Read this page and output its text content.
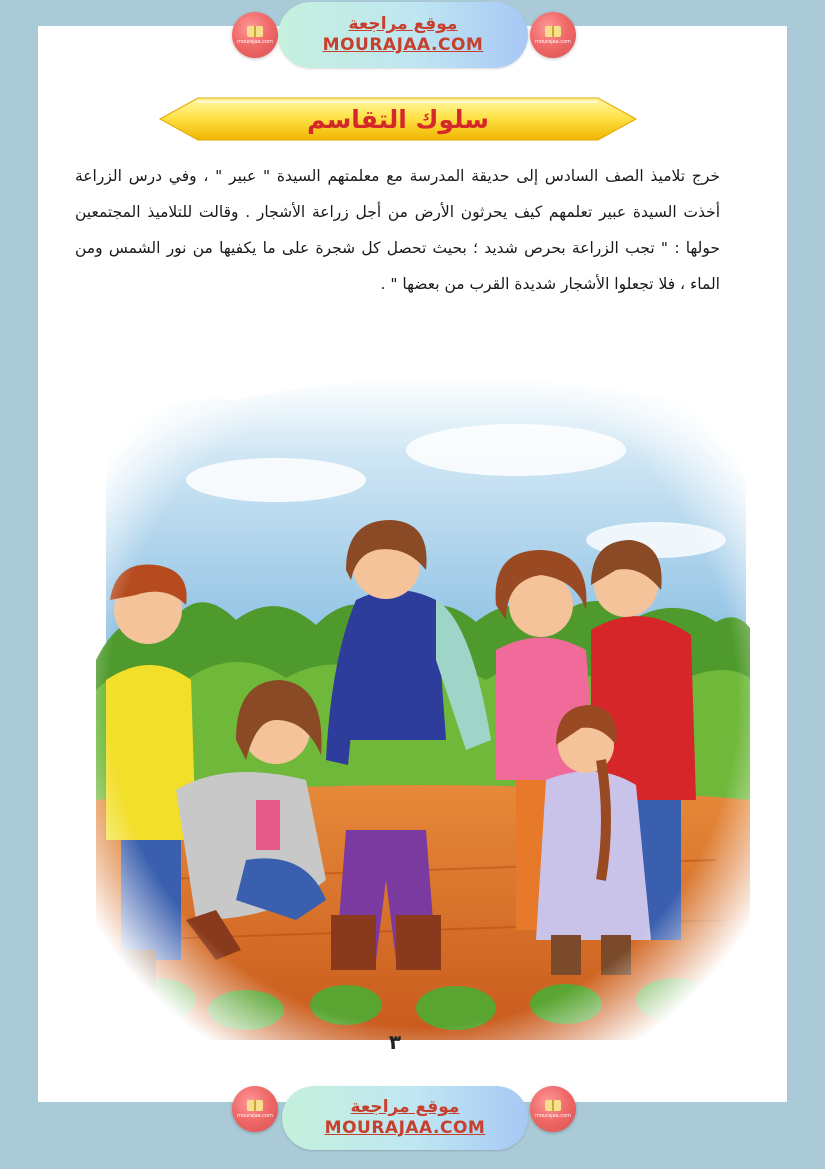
mourajaa.com
موقع مراجعة
MOURAJAA.COM	mourajaa.com
سلوك التقاسم
خرج تلاميذ الصف السادس إلى حديقة المدرسة مع معلمتهم السيدة " عبير " ، وفي درس الزراعة أخذت السيدة عبير تعلمهم كيف يحرثون الأرض من أجل زراعة الأشجار . وقالت للتلاميذ المجتمعين حولها : " تجب الزراعة بحرص شديد ؛ بحيث تحصل كل شجرة على ما يكفيها من نور الشمس ومن الماء ، فلا تجعلوا الأشجار شديدة القرب من بعضها " .
٣
mourajaa.com	موقع مراجعة
MOURAJAA.COM
mourajaa.com
